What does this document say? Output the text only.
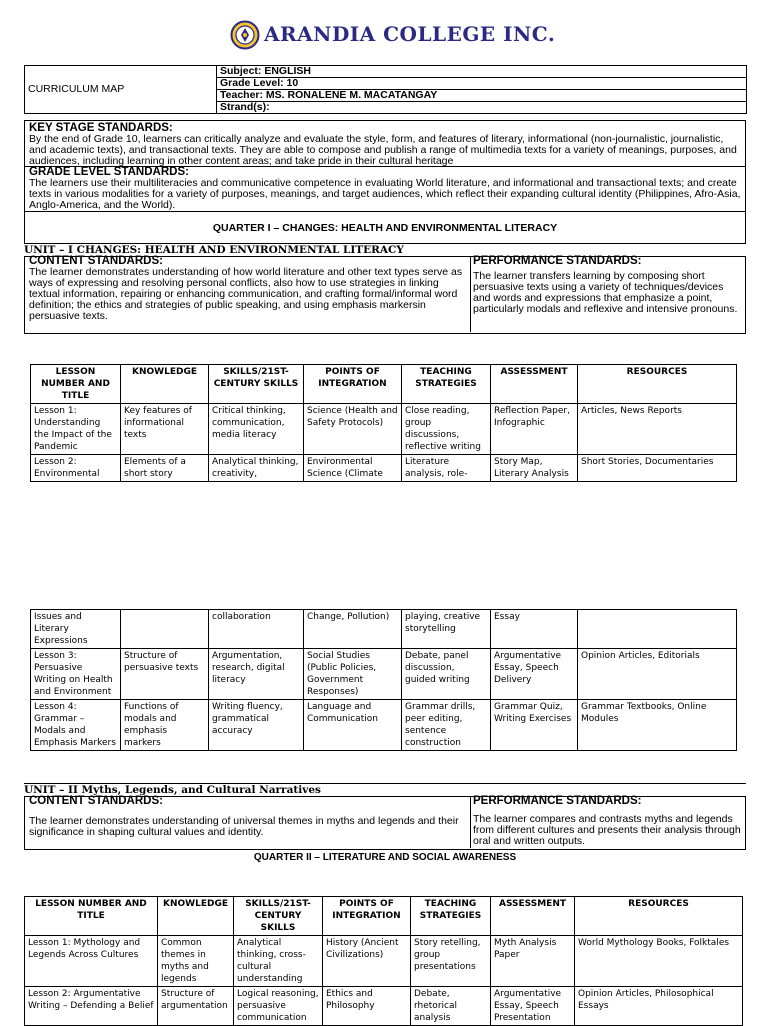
ARANDIA COLLEGE INC.
CURRICULUM MAP	Subject: ENGLISH
Grade Level: 10
Teacher: MS. RONALENE M. MACATANGAY
Strand(s):
KEY STAGE STANDARDS:
By the end of Grade 10, learners can critically analyze and evaluate the style, form, and features of literary, informational (non-journalistic, journalistic, and academic texts), and transactional texts. They are able to compose and publish a range of multimedia texts for a variety of meanings, purposes, and audiences, including learning in other content areas; and take pride in their cultural heritage
GRADE LEVEL STANDARDS:
The learners use their multiliteracies and communicative competence in evaluating World literature, and informational and transactional texts; and create texts in various modalities for a variety of purposes, meanings, and target audiences, which reflect their expanding cultural identity (Philippines, Afro-Asia, Anglo-America, and the World).
QUARTER I – CHANGES: HEALTH AND ENVIRONMENTAL LITERACY
UNIT – I CHANGES: HEALTH AND ENVIRONMENTAL LITERACY
CONTENT STANDARDS:
The learner demonstrates understanding of how world literature and other text types serve as ways of expressing and resolving personal conflicts, also how to use strategies in linking textual information, repairing or enhancing communication, and crafting formal/informal word definition; the ethics and strategies of public speaking, and using emphasis markersin persuasive texts.
PERFORMANCE STANDARDS:
The learner transfers learning by composing short persuasive texts using a variety of techniques/devices and words and expressions that emphasize a point, particularly modals and reflexive and intensive pronouns.
LESSON NUMBER AND TITLE	KNOWLEDGE	SKILLS/21ST-CENTURY SKILLS	POINTS OF INTEGRATION	TEACHING STRATEGIES	ASSESSMENT	RESOURCES
Lesson 1: Understanding the Impact of the Pandemic	Key features of informational texts	Critical thinking, communication, media literacy	Science (Health and Safety Protocols)	Close reading, group discussions, reflective writing	Reflection Paper, Infographic	Articles, News Reports
Lesson 2: Environmental	Elements of a short story	Analytical thinking, creativity,	Environmental Science (Climate	Literature analysis, role-	Story Map, Literary Analysis	Short Stories, Documentaries
Issues and Literary Expressions		collaboration	Change, Pollution)	playing, creative storytelling	Essay	
Lesson 3: Persuasive Writing on Health and Environment	Structure of persuasive texts	Argumentation, research, digital literacy	Social Studies (Public Policies, Government Responses)	Debate, panel discussion, guided writing	Argumentative Essay, Speech Delivery	Opinion Articles, Editorials
Lesson 4: Grammar – Modals and Emphasis Markers	Functions of modals and emphasis markers	Writing fluency, grammatical accuracy	Language and Communication	Grammar drills, peer editing, sentence construction	Grammar Quiz, Writing Exercises	Grammar Textbooks, Online Modules
UNIT – II Myths, Legends, and Cultural Narratives
CONTENT STANDARDS:
The learner demonstrates understanding of universal themes in myths and legends and their significance in shaping cultural values and identity.
PERFORMANCE STANDARDS:
The learner compares and contrasts myths and legends from different cultures and presents their analysis through oral and written outputs.
QUARTER II – LITERATURE AND SOCIAL AWARENESS
LESSON NUMBER AND TITLE	KNOWLEDGE	SKILLS/21ST-CENTURY SKILLS	POINTS OF INTEGRATION	TEACHING STRATEGIES	ASSESSMENT	RESOURCES
Lesson 1: Mythology and Legends Across Cultures	Common themes in myths and legends	Analytical thinking, cross-cultural understanding	History (Ancient Civilizations)	Story retelling, group presentations	Myth Analysis Paper	World Mythology Books, Folktales
Lesson 2: Argumentative Writing – Defending a Belief	Structure of argumentation	Logical reasoning, persuasive communication	Ethics and Philosophy	Debate, rhetorical analysis	Argumentative Essay, Speech Presentation	Opinion Articles, Philosophical Essays
